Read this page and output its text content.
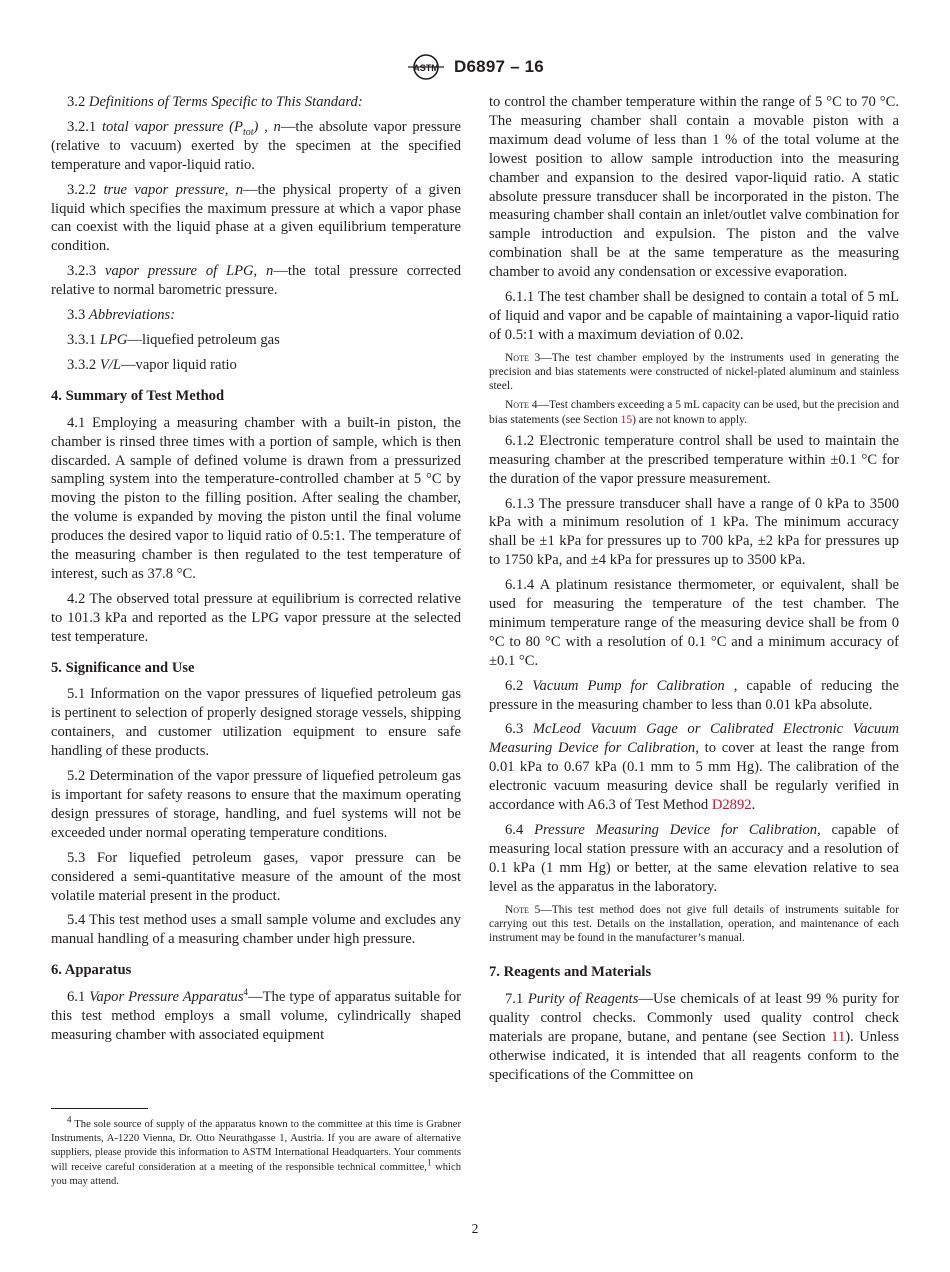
ASTM D6897 – 16

3.2 Definitions of Terms Specific to This Standard:

3.2.1 total vapor pressure $(P_{tot})$ , n—the absolute vapor pressure (relative to vacuum) exerted by the specimen at the specified temperature and vapor-liquid ratio.

3.2.2 true vapor pressure, n—the physical property of a given liquid which specifies the maximum pressure at which a vapor phase can coexist with the liquid phase at a given equilibrium temperature condition.

3.2.3 vapor pressure of LPG, n—the total pressure corrected relative to normal barometric pressure.

3.3 Abbreviations:

3.3.1 LPG—liquefied petroleum gas

3.3.2 V/L—vapor liquid ratio

4. Summary of Test Method

4.1 Employing a measuring chamber with a built-in piston, the chamber is rinsed three times with a portion of sample, which is then discarded. A sample of defined volume is drawn from a pressurized sampling system into the temperature-controlled chamber at 5 °C by moving the piston to the filling position. After sealing the chamber, the volume is expanded by moving the piston until the final volume produces the desired vapor to liquid ratio of 0.5:1. The temperature of the measuring chamber is then regulated to the test temperature of interest, such as 37.8 °C.

4.2 The observed total pressure at equilibrium is corrected relative to 101.3 kPa and reported as the LPG vapor pressure at the selected test temperature.

5. Significance and Use

5.1 Information on the vapor pressures of liquefied petroleum gas is pertinent to selection of properly designed storage vessels, shipping containers, and customer utilization equipment to ensure safe handling of these products.

5.2 Determination of the vapor pressure of liquefied petroleum gas is important for safety reasons to ensure that the maximum operating design pressures of storage, handling, and fuel systems will not be exceeded under normal operating temperature conditions.

5.3 For liquefied petroleum gases, vapor pressure can be considered a semi-quantitative measure of the amount of the most volatile material present in the product.

5.4 This test method uses a small sample volume and excludes any manual handling of a measuring chamber under high pressure.

6. Apparatus

6.1 Vapor Pressure Apparatus$^4$—The type of apparatus suitable for this test method employs a small volume, cylindrically shaped measuring chamber with associated equipment

to control the chamber temperature within the range of 5 °C to 70 °C. The measuring chamber shall contain a movable piston with a maximum dead volume of less than 1 % of the total volume at the lowest position to allow sample introduction into the measuring chamber and expansion to the desired vapor-liquid ratio. A static absolute pressure transducer shall be incorporated in the piston. The measuring chamber shall contain an inlet/outlet valve combination for sample introduction and expulsion. The piston and the valve combination shall be at the same temperature as the measuring chamber to avoid any condensation or excessive evaporation.

6.1.1 The test chamber shall be designed to contain a total of 5 mL of liquid and vapor and be capable of maintaining a vapor-liquid ratio of 0.5:1 with a maximum deviation of 0.02.

Note 3—The test chamber employed by the instruments used in generating the precision and bias statements were constructed of nickel-plated aluminum and stainless steel.

Note 4—Test chambers exceeding a 5 mL capacity can be used, but the precision and bias statements (see Section 15) are not known to apply.

6.1.2 Electronic temperature control shall be used to maintain the measuring chamber at the prescribed temperature within ±0.1 °C for the duration of the vapor pressure measurement.

6.1.3 The pressure transducer shall have a range of 0 kPa to 3500 kPa with a minimum resolution of 1 kPa. The minimum accuracy shall be ±1 kPa for pressures up to 700 kPa, ±2 kPa for pressures up to 1750 kPa, and ±4 kPa for pressures up to 3500 kPa.

6.1.4 A platinum resistance thermometer, or equivalent, shall be used for measuring the temperature of the test chamber. The minimum temperature range of the measuring device shall be from 0 °C to 80 °C with a resolution of 0.1 °C and a minimum accuracy of ±0.1 °C.

6.2 Vacuum Pump for Calibration , capable of reducing the pressure in the measuring chamber to less than 0.01 kPa absolute.

6.3 McLeod Vacuum Gage or Calibrated Electronic Vacuum Measuring Device for Calibration, to cover at least the range from 0.01 kPa to 0.67 kPa (0.1 mm to 5 mm Hg). The calibration of the electronic vacuum measuring device shall be regularly verified in accordance with A6.3 of Test Method D2892.

6.4 Pressure Measuring Device for Calibration, capable of measuring local station pressure with an accuracy and a resolution of 0.1 kPa (1 mm Hg) or better, at the same elevation relative to sea level as the apparatus in the laboratory.

Note 5—This test method does not give full details of instruments suitable for carrying out this test. Details on the installation, operation, and maintenance of each instrument may be found in the manufacturer’s manual.

7. Reagents and Materials

7.1 Purity of Reagents—Use chemicals of at least 99 % purity for quality control checks. Commonly used quality control check materials are propane, butane, and pentane (see Section 11). Unless otherwise indicated, it is intended that all reagents conform to the specifications of the Committee on

$^4$ The sole source of supply of the apparatus known to the committee at this time is Grabner Instruments, A-1220 Vienna, Dr. Otto Neurathgasse 1, Austria. If you are aware of alternative suppliers, please provide this information to ASTM International Headquarters. Your comments will receive careful consideration at a meeting of the responsible technical committee,$^1$ which you may attend.
2
